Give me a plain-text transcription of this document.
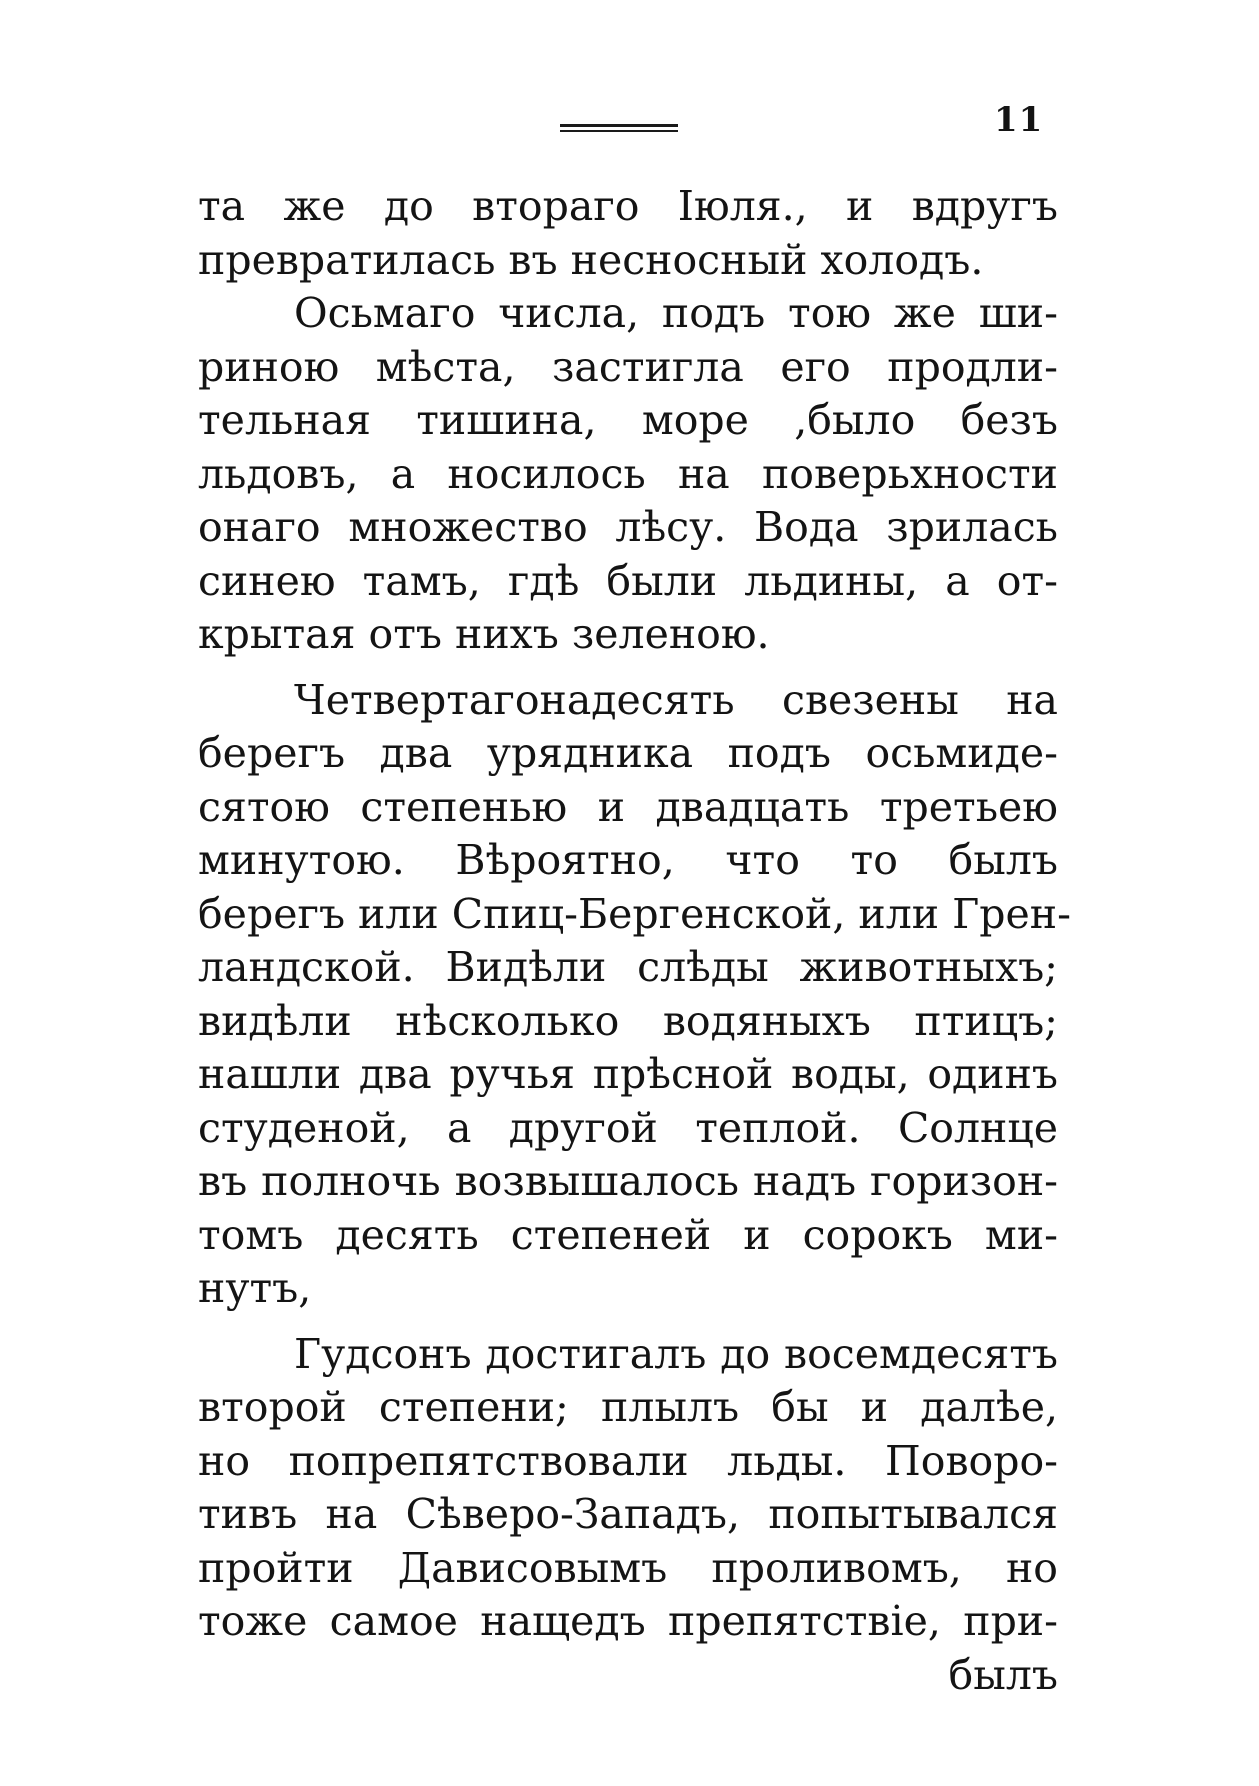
11
та же до втораго Іюля., и вдругъ
превратилась въ несносный холодъ.
Осьмаго числа, подъ тою же ши-
риною мѣста, застигла его продли-
тельная тишина, море ,было безъ
льдовъ, а носилось на поверьхности
онаго множество лѣсу. Вода зрилась
синею тамъ, гдѣ были льдины, а от-
крытая отъ нихъ зеленою.
Четвертагонадесять свезены на
берегъ два урядника подъ осьмиде-
сятою степенью и двадцать третьею
минутою. Вѣроятно, что то былъ
берегъ или Спиц-Бергенской, или Грен-
ландской. Видѣли слѣды животныхъ;
видѣли нѣсколько водяныхъ птицъ;
нашли два ручья прѣсной воды, одинъ
студеной, а другой теплой. Солнце
въ полночь возвышалось надъ горизон-
томъ десять степеней и сорокъ ми-
нутъ,
Гудсонъ достигалъ до восемдесятъ
второй степени; плылъ бы и далѣе,
но попрепятствовали льды. Поворо-
тивъ на Сѣверо-Западъ, попытывался
пройти Дависовымъ проливомъ, но
тоже самое нащедъ препятствіе, при-
былъ
